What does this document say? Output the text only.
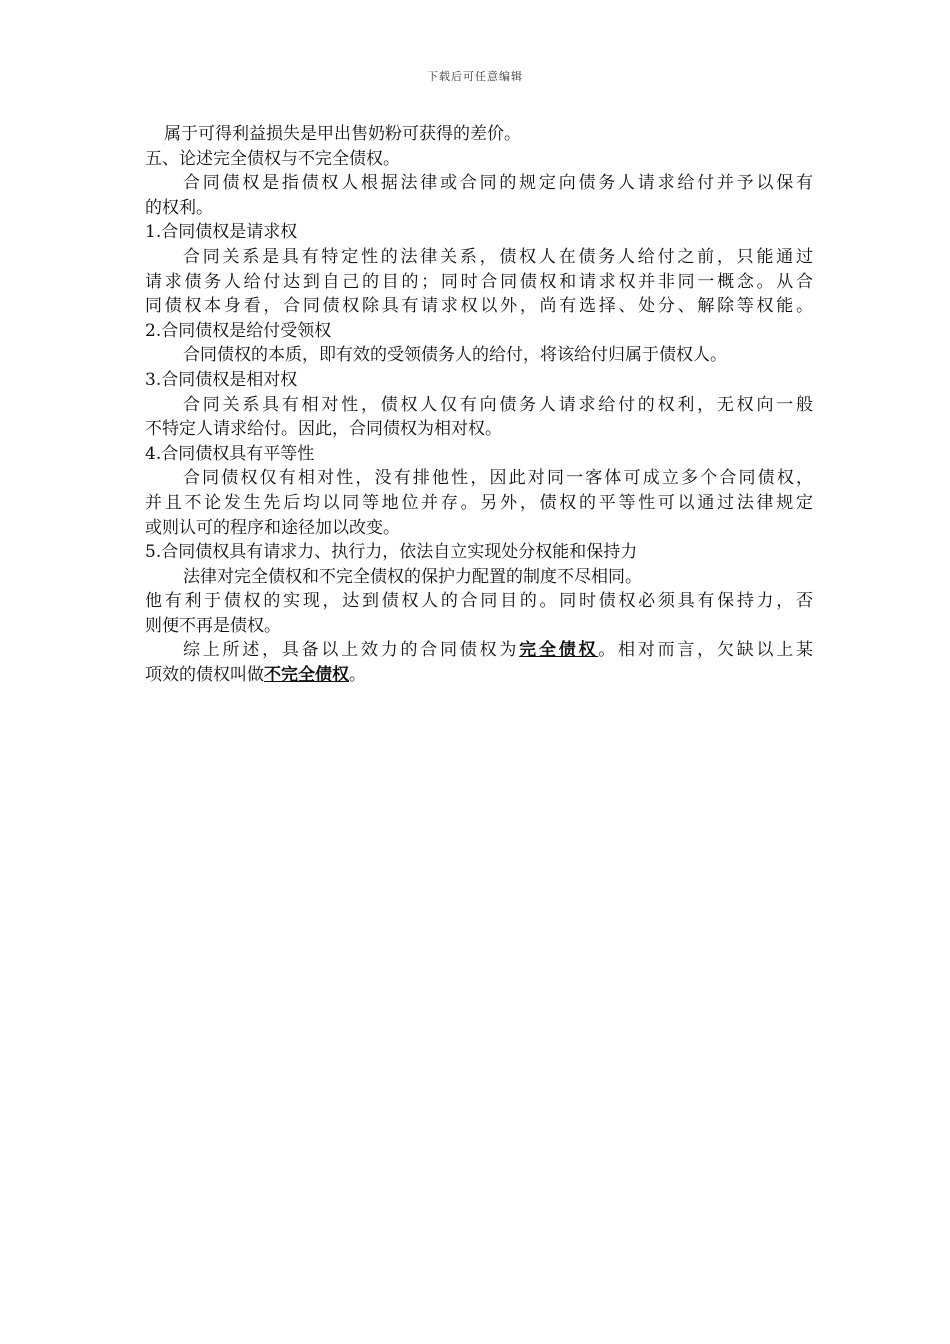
下载后可任意编辑
属于可得利益损失是甲出售奶粉可获得的差价。
五、论述完全债权与不完全债权。
合同债权是指债权人根据法律或合同的规定向债务人请求给付并予以保有
的权利。
1.合同债权是请求权
合同关系是具有特定性的法律关系，债权人在债务人给付之前，只能通过
请求债务人给付达到自己的目的；同时合同债权和请求权并非同一概念。从合
同债权本身看，合同债权除具有请求权以外，尚有选择、处分、解除等权能。
2.合同债权是给付受领权
合同债权的本质，即有效的受领债务人的给付，将该给付归属于债权人。
3.合同债权是相对权
合同关系具有相对性，债权人仅有向债务人请求给付的权利，无权向一般
不特定人请求给付。因此，合同债权为相对权。
4.合同债权具有平等性
合同债权仅有相对性，没有排他性，因此对同一客体可成立多个合同债权，
并且不论发生先后均以同等地位并存。另外，债权的平等性可以通过法律规定
或则认可的程序和途径加以改变。
5.合同债权具有请求力、执行力，依法自立实现处分权能和保持力
法律对完全债权和不完全债权的保护力配置的制度不尽相同。
他有利于债权的实现，达到债权人的合同目的。同时债权必须具有保持力，否
则便不再是债权。
综上所述，具备以上效力的合同债权为完全债权。相对而言，欠缺以上某
项效的债权叫做不完全债权。
